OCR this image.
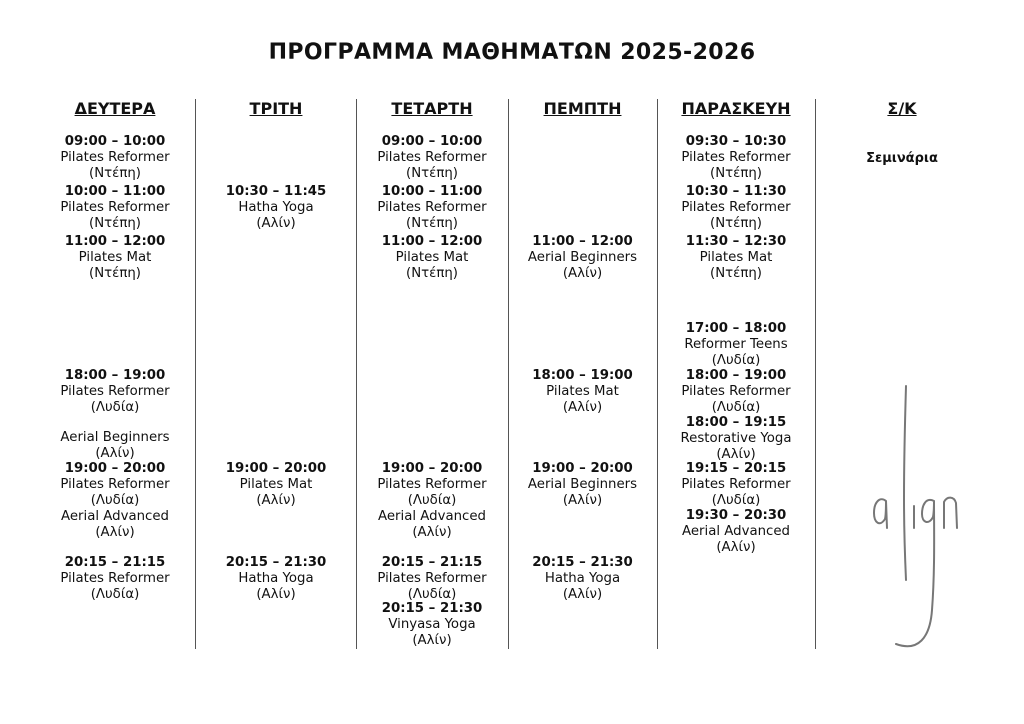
ΠΡΟΓΡΑΜΜΑ ΜΑΘΗΜΑΤΩΝ 2025-2026
ΔΕΥΤΕΡΑ
09:00 – 10:00
Pilates Reformer
(Ντέπη)
10:00 – 11:00
Pilates Reformer
(Ντέπη)
11:00 – 12:00
Pilates Mat
(Ντέπη)
18:00 – 19:00
Pilates Reformer
(Λυδία)
Aerial Beginners
(Αλίν)
19:00 – 20:00
Pilates Reformer
(Λυδία)
Aerial Advanced
(Αλίν)
20:15 – 21:15
Pilates Reformer
(Λυδία)
ΤΡΙΤΗ
10:30 – 11:45
Hatha Yoga
(Αλίν)
19:00 – 20:00
Pilates Mat
(Αλίν)
20:15 – 21:30
Hatha Yoga
(Αλίν)
ΤΕΤΑΡΤΗ
09:00 – 10:00
Pilates Reformer
(Ντέπη)
10:00 – 11:00
Pilates Reformer
(Ντέπη)
11:00 – 12:00
Pilates Mat
(Ντέπη)
19:00 – 20:00
Pilates Reformer
(Λυδία)
Aerial Advanced
(Αλίν)
20:15 – 21:15
Pilates Reformer
(Λυδία)
20:15 – 21:30
Vinyasa Yoga
(Αλίν)
ΠΕΜΠΤΗ
11:00 – 12:00
Aerial Beginners
(Αλίν)
18:00 – 19:00
Pilates Mat
(Αλίν)
19:00 – 20:00
Aerial Beginners
(Αλίν)
20:15 – 21:30
Hatha Yoga
(Αλίν)
ΠΑΡΑΣΚΕΥΗ
09:30 – 10:30
Pilates Reformer
(Ντέπη)
10:30 – 11:30
Pilates Reformer
(Ντέπη)
11:30 – 12:30
Pilates Mat
(Ντέπη)
17:00 – 18:00
Reformer Teens
(Λυδία)
18:00 – 19:00
Pilates Reformer
(Λυδία)
18:00 – 19:15
Restorative Yoga
(Αλίν)
19:15 – 20:15
Pilates Reformer
(Λυδία)
19:30 – 20:30
Aerial Advanced
(Αλίν)
Σ/Κ
Σεμινάρια
